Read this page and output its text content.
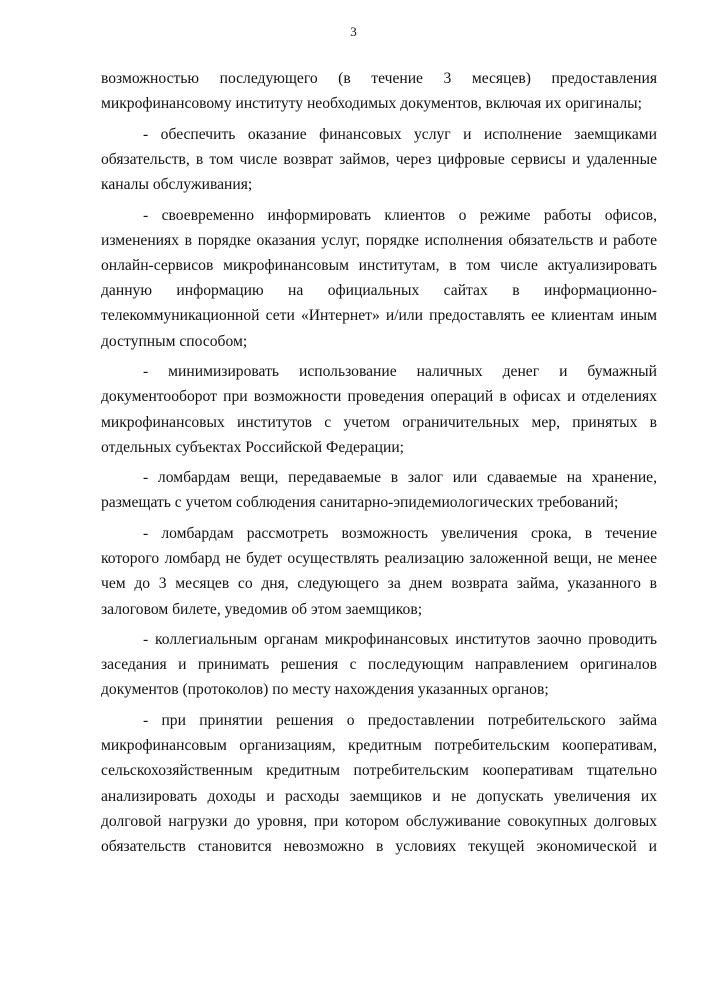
3
возможностью последующего (в течение 3 месяцев) предоставления
микрофинансовому институту необходимых документов, включая их оригиналы;
- обеспечить оказание финансовых услуг и исполнение заемщиками
обязательств, в том числе возврат займов, через цифровые сервисы и удаленные
каналы обслуживания;
- своевременно информировать клиентов о режиме работы офисов,
изменениях в порядке оказания услуг, порядке исполнения обязательств и работе
онлайн-сервисов микрофинансовым институтам, в том числе актуализировать
данную информацию на официальных сайтах в информационно-
телекоммуникационной сети «Интернет» и/или предоставлять ее клиентам иным
доступным способом;
- минимизировать использование наличных денег и бумажный
документооборот при возможности проведения операций в офисах и отделениях
микрофинансовых институтов с учетом ограничительных мер, принятых в
отдельных субъектах Российской Федерации;
- ломбардам вещи, передаваемые в залог или сдаваемые на хранение,
размещать с учетом соблюдения санитарно-эпидемиологических требований;
- ломбардам рассмотреть возможность увеличения срока, в течение
которого ломбард не будет осуществлять реализацию заложенной вещи, не менее
чем до 3 месяцев со дня, следующего за днем возврата займа, указанного в
залоговом билете, уведомив об этом заемщиков;
- коллегиальным органам микрофинансовых институтов заочно проводить
заседания и принимать решения с последующим направлением оригиналов
документов (протоколов) по месту нахождения указанных органов;
- при принятии решения о предоставлении потребительского займа
микрофинансовым организациям, кредитным потребительским кооперативам,
сельскохозяйственным кредитным потребительским кооперативам тщательно
анализировать доходы и расходы заемщиков и не допускать увеличения их
долговой нагрузки до уровня, при котором обслуживание совокупных долговых
обязательств становится невозможно в условиях текущей экономической и
